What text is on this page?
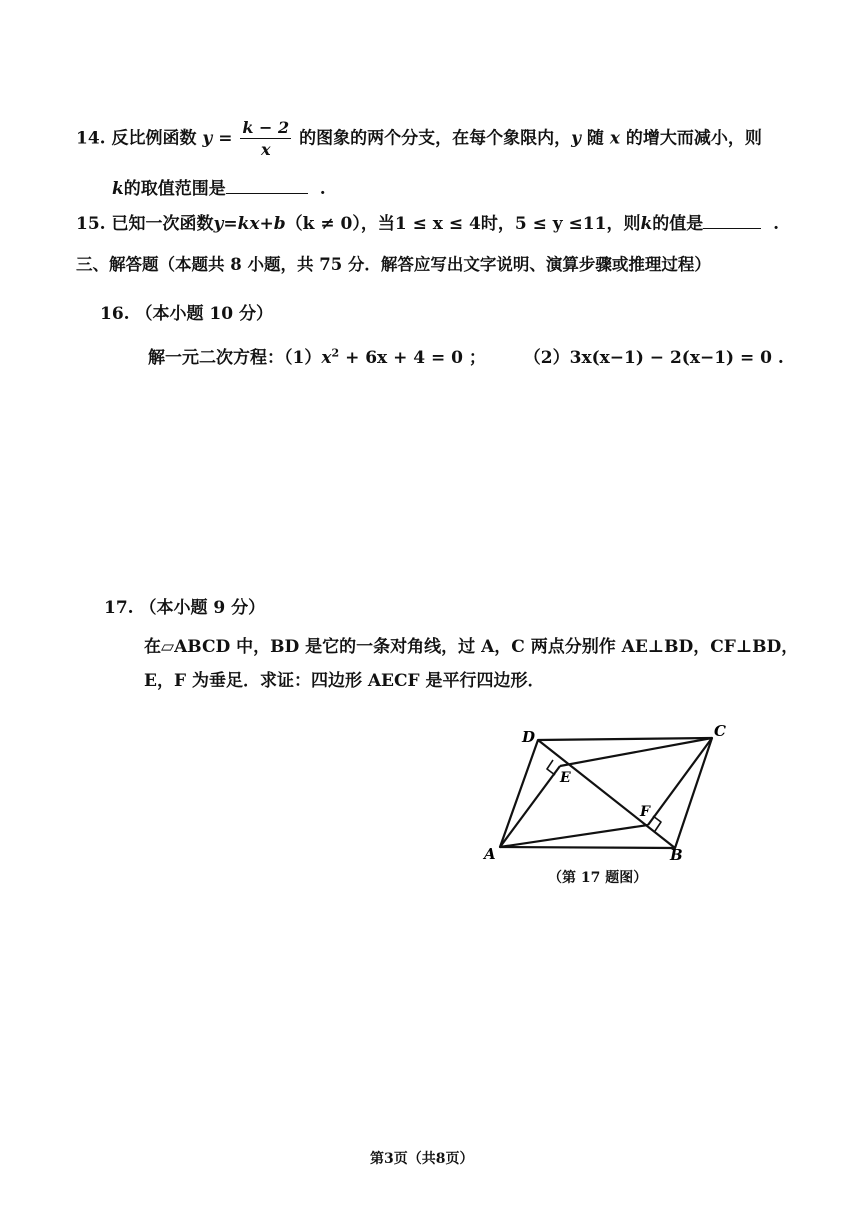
14. 反比例函数 $y = \frac{k - 2}{x}$ 的图象的两个分支，在每个象限内，y 随 x 的增大而减小，则
k的取值范围是	.
15. 已知一次函数y=kx+b（k ≠ 0），当1 ≤ x ≤ 4时，5 ≤ y ≤11，则k的值是	.
三、解答题（本题共 8 小题，共 75 分．解答应写出文字说明、演算步骤或推理过程）
16. （本小题 10 分）
解一元二次方程：$(1)x^2 + 6x + 4 = 0$ ； （2）3x(x−1) − 2(x−1) = 0 .
17. （本小题 9 分）
在▱ABCD 中，BD 是它的一条对角线，过 A，C 两点分别作 AE⊥BD，CF⊥BD，
E，F 为垂足．求证：四边形 AECF 是平行四边形．
D	C
E
F
A	B
（第 17 题图）
第3页（共8页）
